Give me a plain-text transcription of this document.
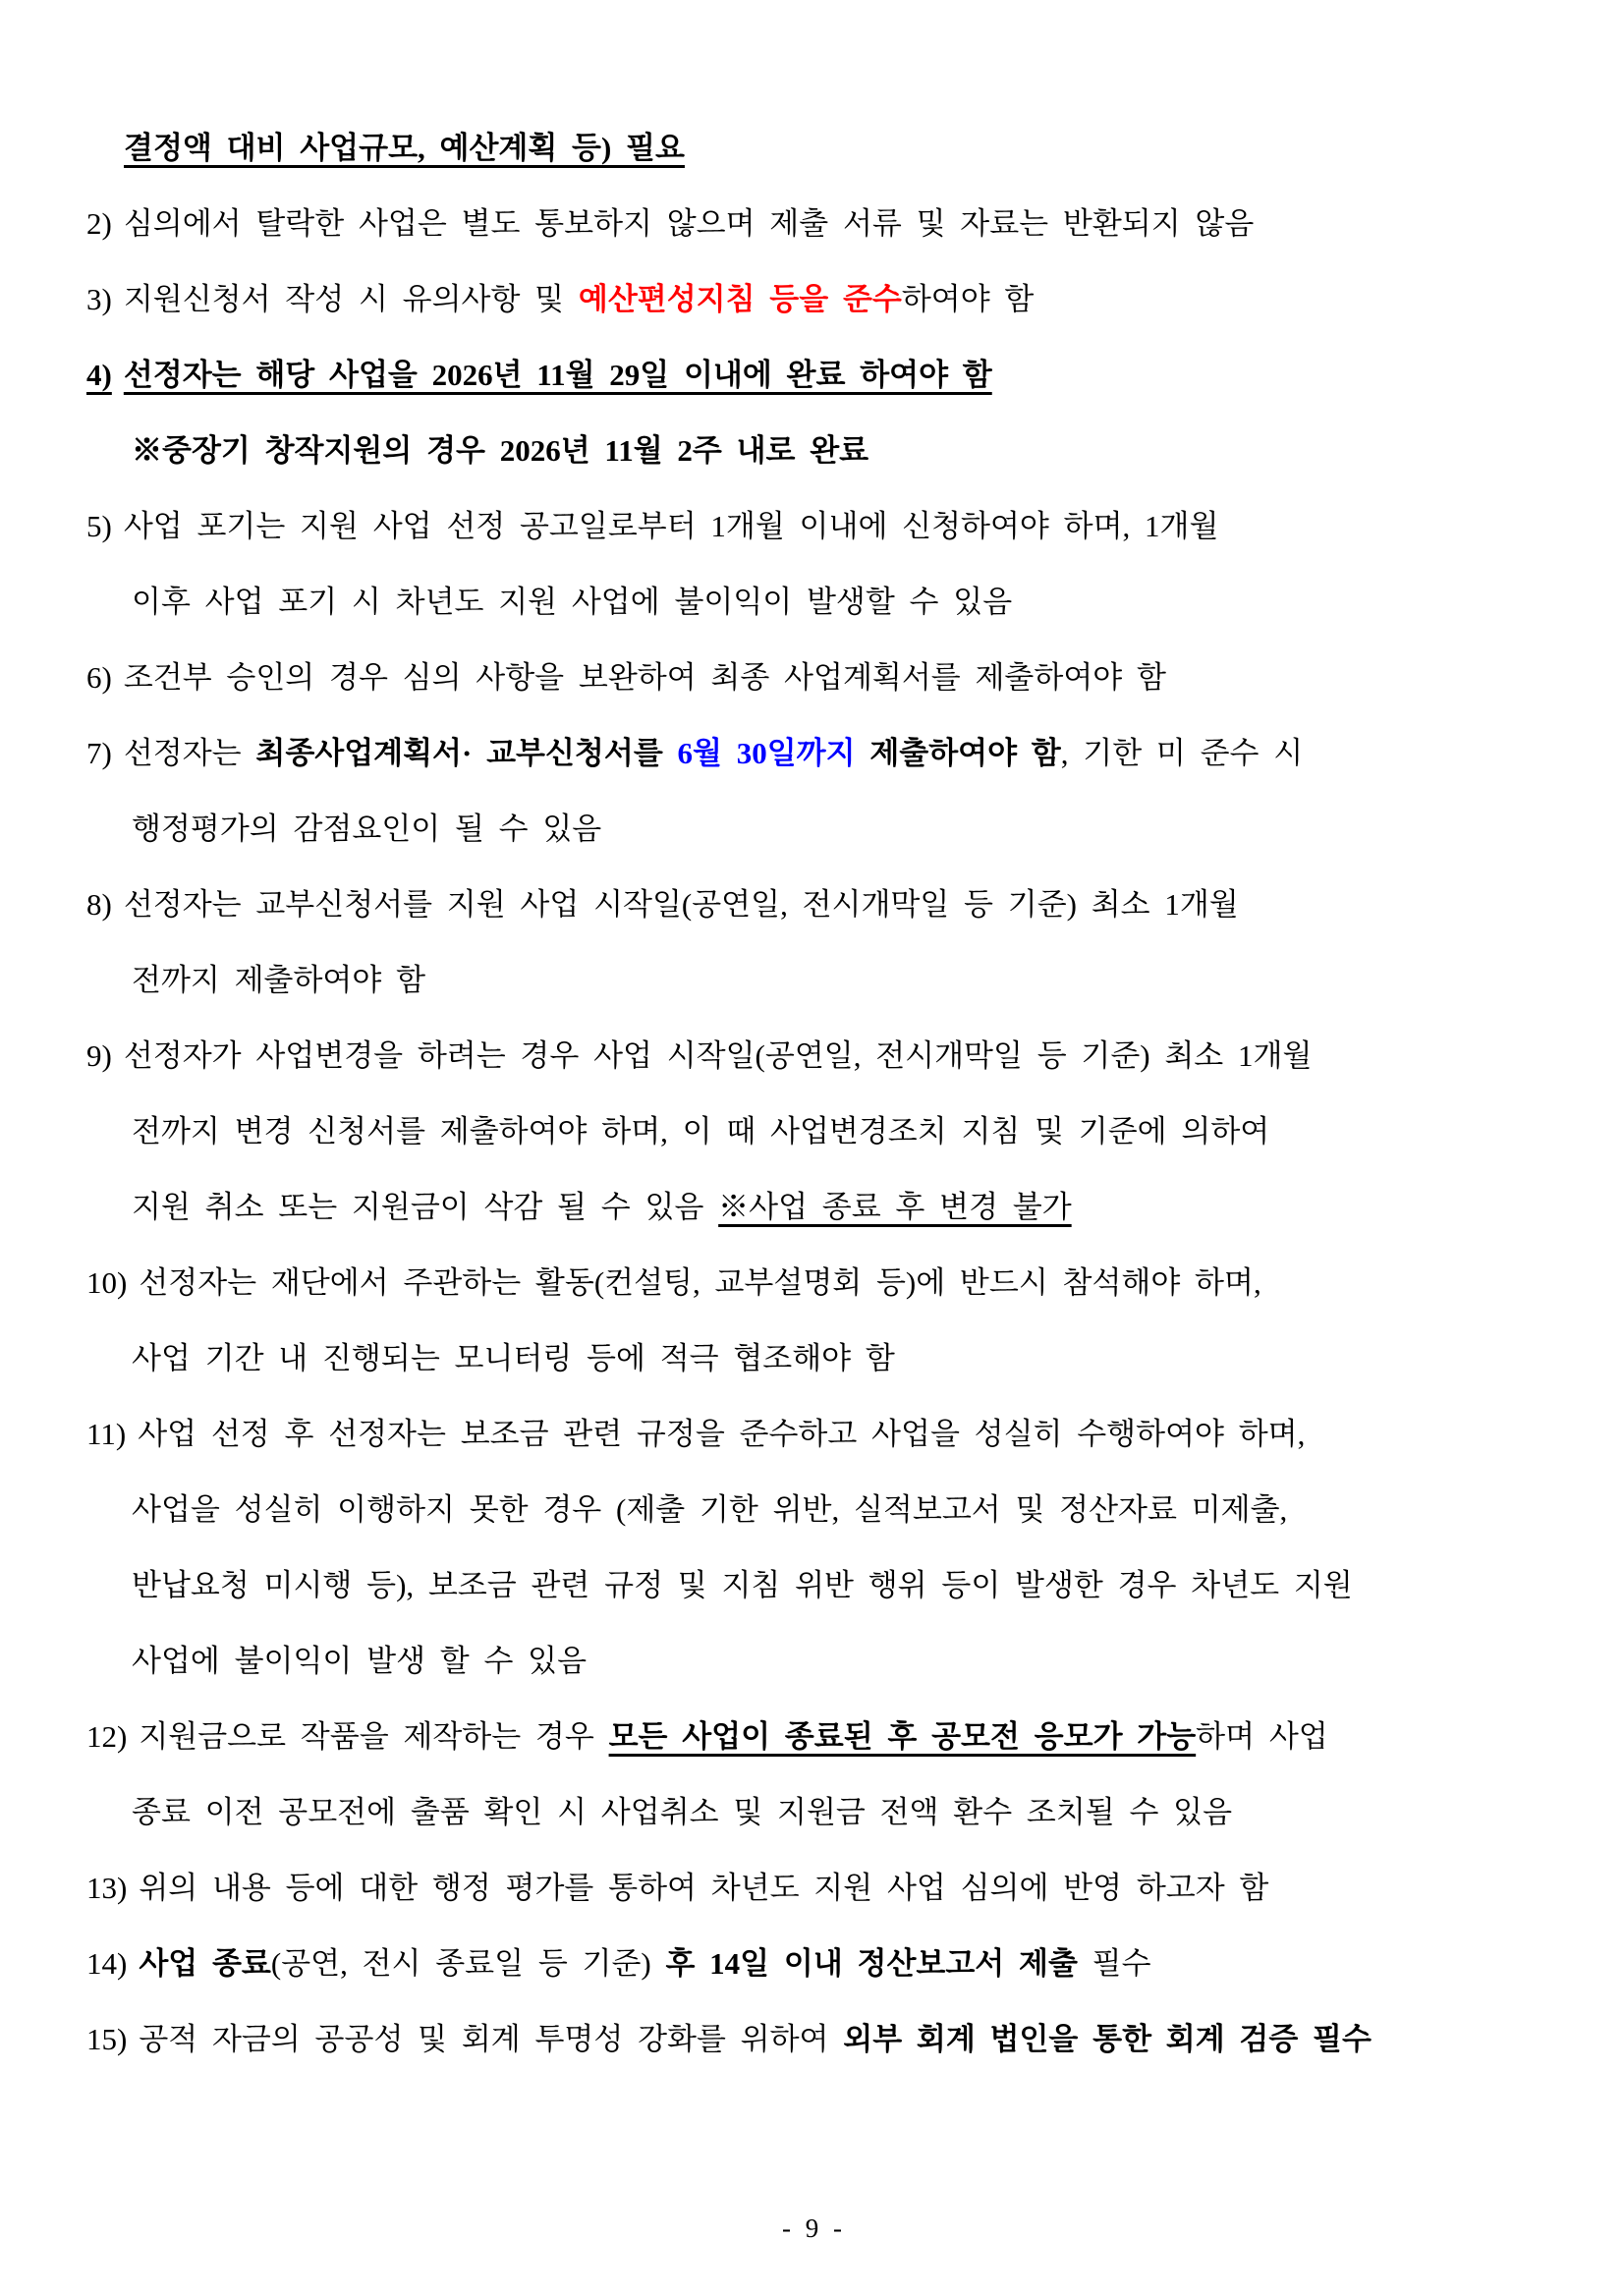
결정액 대비 사업규모, 예산계획 등) 필요
2) 심의에서 탈락한 사업은 별도 통보하지 않으며 제출 서류 및 자료는 반환되지 않음
3) 지원신청서 작성 시 유의사항 및 예산편성지침 등을 준수하여야 함
4) 선정자는 해당 사업을 2026년 11월 29일 이내에 완료 하여야 함
※중장기 창작지원의 경우 2026년 11월 2주 내로 완료
5) 사업 포기는 지원 사업 선정 공고일로부터 1개월 이내에 신청하여야 하며, 1개월
이후 사업 포기 시 차년도 지원 사업에 불이익이 발생할 수 있음
6) 조건부 승인의 경우 심의 사항을 보완하여 최종 사업계획서를 제출하여야 함
7) 선정자는 최종사업계획서· 교부신청서를 6월 30일까지 제출하여야 함, 기한 미 준수 시
행정평가의 감점요인이 될 수 있음
8) 선정자는 교부신청서를 지원 사업 시작일(공연일, 전시개막일 등 기준) 최소 1개월
전까지 제출하여야 함
9) 선정자가 사업변경을 하려는 경우 사업 시작일(공연일, 전시개막일 등 기준) 최소 1개월
전까지 변경 신청서를 제출하여야 하며, 이 때 사업변경조치 지침 및 기준에 의하여
지원 취소 또는 지원금이 삭감 될 수 있음 ※사업 종료 후 변경 불가
10) 선정자는 재단에서 주관하는 활동(컨설팅, 교부설명회 등)에 반드시 참석해야 하며,
사업 기간 내 진행되는 모니터링 등에 적극 협조해야 함
11) 사업 선정 후 선정자는 보조금 관련 규정을 준수하고 사업을 성실히 수행하여야 하며,
사업을 성실히 이행하지 못한 경우 (제출 기한 위반, 실적보고서 및 정산자료 미제출,
반납요청 미시행 등), 보조금 관련 규정 및 지침 위반 행위 등이 발생한 경우 차년도 지원
사업에 불이익이 발생 할 수 있음
12) 지원금으로 작품을 제작하는 경우 모든 사업이 종료된 후 공모전 응모가 가능하며 사업
종료 이전 공모전에 출품 확인 시 사업취소 및 지원금 전액 환수 조치될 수 있음
13) 위의 내용 등에 대한 행정 평가를 통하여 차년도 지원 사업 심의에 반영 하고자 함
14) 사업 종료(공연, 전시 종료일 등 기준) 후 14일 이내 정산보고서 제출 필수
15) 공적 자금의 공공성 및 회계 투명성 강화를 위하여 외부 회계 법인을 통한 회계 검증 필수
- 9 -
